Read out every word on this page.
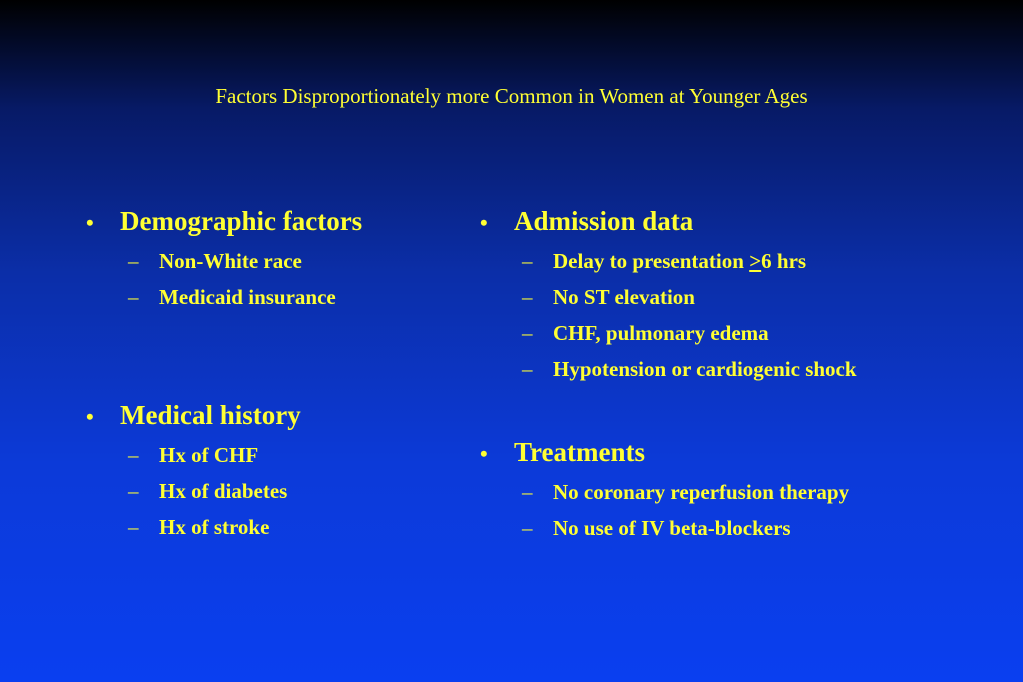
Factors Disproportionately more Common in Women at Younger Ages
• Demographic factors
– Non-White race
– Medicaid insurance
• Medical history
– Hx of CHF
– Hx of diabetes
– Hx of stroke
• Admission data
– Delay to presentation ≥6 hrs
– No ST elevation
– CHF, pulmonary edema
– Hypotension or cardiogenic shock
• Treatments
– No coronary reperfusion therapy
– No use of IV beta-blockers
